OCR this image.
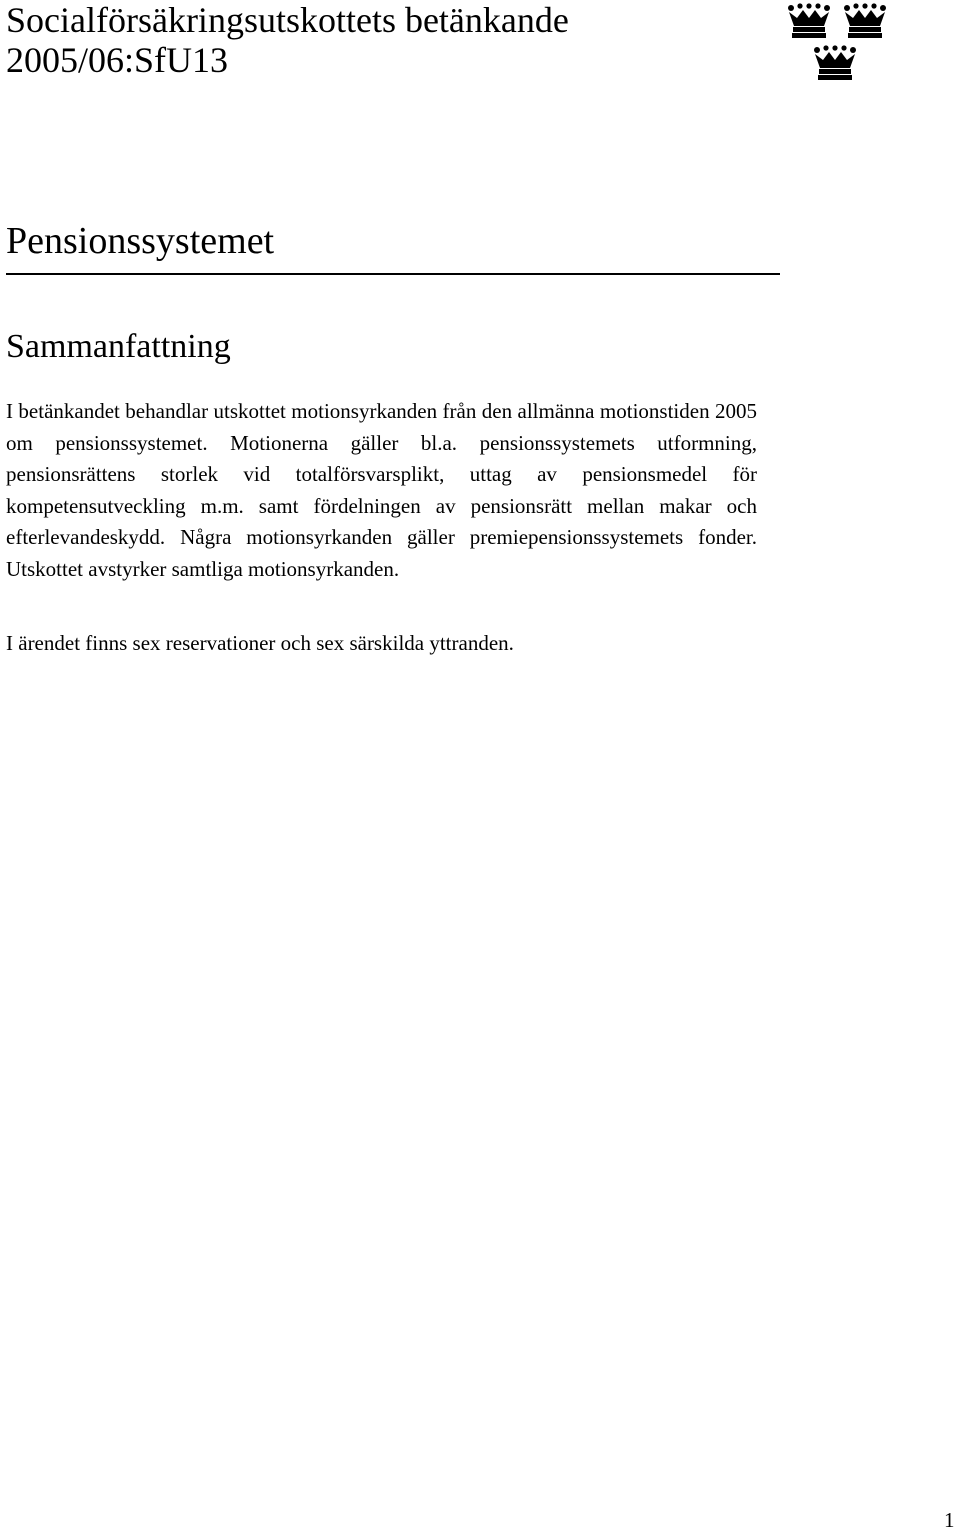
Socialförsäkringsutskottets betänkande
2005/06:SfU13
Pensionssystemet
Sammanfattning

I betänkandet behandlar utskottet motionsyrkanden från den allmänna motionstiden 2005 om pensionssystemet. Motionerna gäller bl.a. pensionssystemets utformning, pensionsrättens storlek vid totalförsvarsplikt, uttag av pensionsmedel för kompetensutveckling m.m. samt fördelningen av pensionsrätt mellan makar och efterlevandeskydd. Några motionsyrkanden gäller premiepensionssystemets fonder. Utskottet avstyrker samtliga motionsyrkanden.

I ärendet finns sex reservationer och sex särskilda yttranden.

1
